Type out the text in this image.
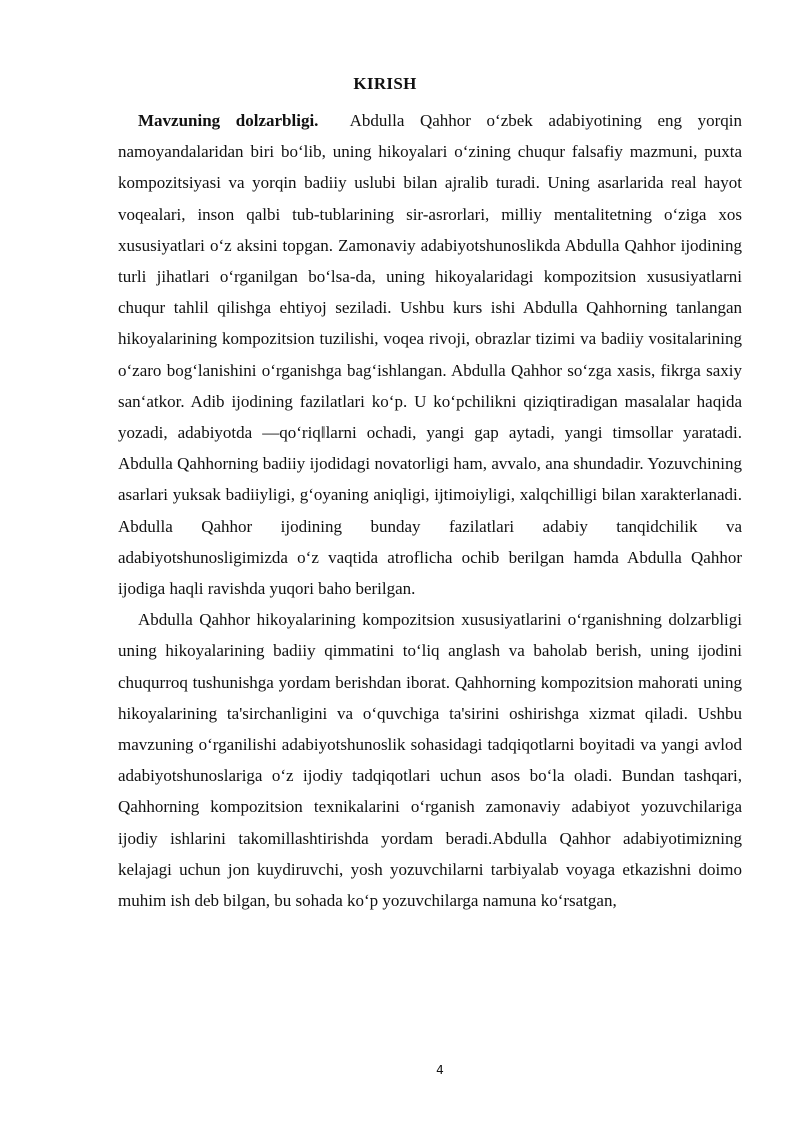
KIRISH

Mavzuning dolzarbligi. Abdulla Qahhor oʻzbek adabiyotining eng yorqin namoyandalaridan biri boʻlib, uning hikoyalari oʻzining chuqur falsafiy mazmuni, puxta kompozitsiyasi va yorqin badiiy uslubi bilan ajralib turadi. Uning asarlarida real hayot voqealari, inson qalbi tub-tublarining sir-asrorlari, milliy mentalitetning oʻziga xos xususiyatlari oʻz aksini topgan. Zamonaviy adabiyotshunoslikda Abdulla Qahhor ijodining turli jihatlari oʻrganilgan boʻlsa-da, uning hikoyalaridagi kompozitsion xususiyatlarni chuqur tahlil qilishga ehtiyoj seziladi. Ushbu kurs ishi Abdulla Qahhorning tanlangan hikoyalarining kompozitsion tuzilishi, voqea rivoji, obrazlar tizimi va badiiy vositalarining oʻzaro bogʻlanishini oʻrganishga bagʻishlangan. Abdulla Qahhor soʻzga xasis, fikrga saxiy sanʻatkor. Adib ijodining fazilatlari koʻp. U koʻpchilikni qiziqtiradigan masalalar haqida yozadi, adabiyotda ―qoʻriq‖larni ochadi, yangi gap aytadi, yangi timsollar yaratadi. Abdulla Qahhorning badiiy ijodidagi novatorligi ham, avvalo, ana shundadir. Yozuvchining asarlari yuksak badiiyligi, gʻoyaning aniqligi, ijtimoiyligi, xalqchilligi bilan xarakterlanadi. Abdulla Qahhor ijodining bunday fazilatlari adabiy tanqidchilik va adabiyotshunosligimizda oʻz vaqtida atroflicha ochib berilgan hamda Abdulla Qahhor ijodiga haqli ravishda yuqori baho berilgan.

Abdulla Qahhor hikoyalarining kompozitsion xususiyatlarini oʻrganishning dolzarbligi uning hikoyalarining badiiy qimmatini toʻliq anglash va baholab berish, uning ijodini chuqurroq tushunishga yordam berishdan iborat. Qahhorning kompozitsion mahorati uning hikoyalarining ta'sirchanligini va oʻquvchiga ta'sirini oshirishga xizmat qiladi. Ushbu mavzuning oʻrganilishi adabiyotshunoslik sohasidagi tadqiqotlarni boyitadi va yangi avlod adabiyotshunoslariga oʻz ijodiy tadqiqotlari uchun asos boʻla oladi. Bundan tashqari, Qahhorning kompozitsion texnikalarini oʻrganish zamonaviy adabiyot yozuvchilariga ijodiy ishlarini takomillashtirishda yordam beradi.Abdulla Qahhor adabiyotimizning kelajagi uchun jon kuydiruvchi, yosh yozuvchilarni tarbiyalab voyaga etkazishni doimo muhim ish deb bilgan, bu sohada koʻp yozuvchilarga namuna koʻrsatgan,

4
